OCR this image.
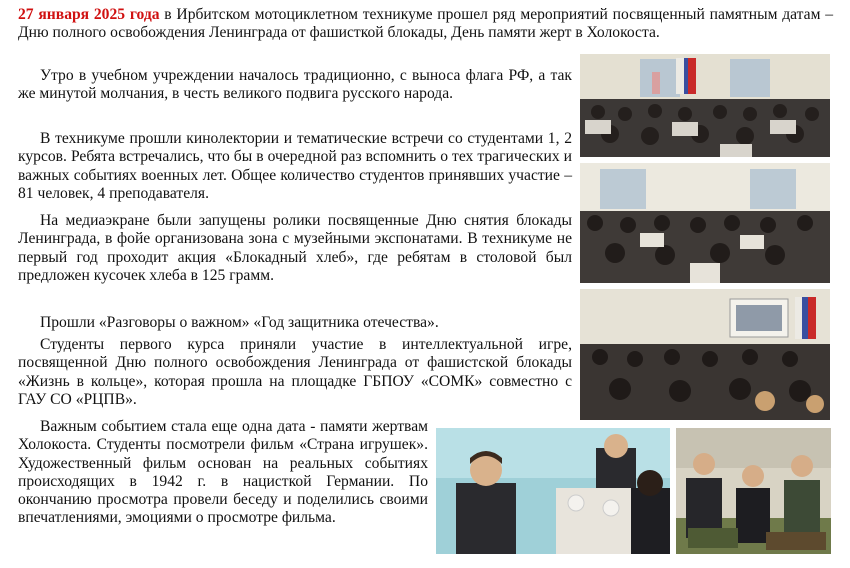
27 января 2025 года в Ирбитском мотоциклетном техникуме прошел ряд мероприятий посвященный памятным датам – Дню полного освобождения Ленинграда от фашисткой блокады, День памяти жерт в Холокоста.

Утро в учебном учреждении началось традиционно, с выноса флага РФ, а так же минутой молчания, в честь великого подвига русского народа.

В техникуме прошли кинолектории и тематические встречи со студентами 1, 2 курсов. Ребята встречались, что бы в очередной раз вспомнить о тех трагических и важных событиях военных лет. Общее количество студентов принявших участие – 81 человек, 4 преподавателя.

На медиаэкране были запущены ролики посвященные Дню снятия блокады Ленинграда, в фойе организована зона с музейными экспонатами. В техникуме не первый год проходит акция «Блокадный хлеб», где ребятам в столовой был предложен кусочек хлеба в 125 грамм.

Прошли «Разговоры о важном» «Год защитника отечества».

Студенты первого курса приняли участие в интеллектуальной игре, посвященной Дню полного освобождения Ленинграда от фашистской блокады «Жизнь в кольце», которая прошла на площадке ГБПОУ «СОМК» совместно с ГАУ СО «РЦПВ».

Важным событием стала еще одна дата - памяти жертвам Холокоста. Студенты посмотрели фильм «Страна игрушек». Художественный фильм основан на реальных событиях происходящих в 1942 г. в нацисткой Германии. По окончанию просмотра провели беседу и поделились своими впечатлениями, эмоциями о просмотре фильма.
